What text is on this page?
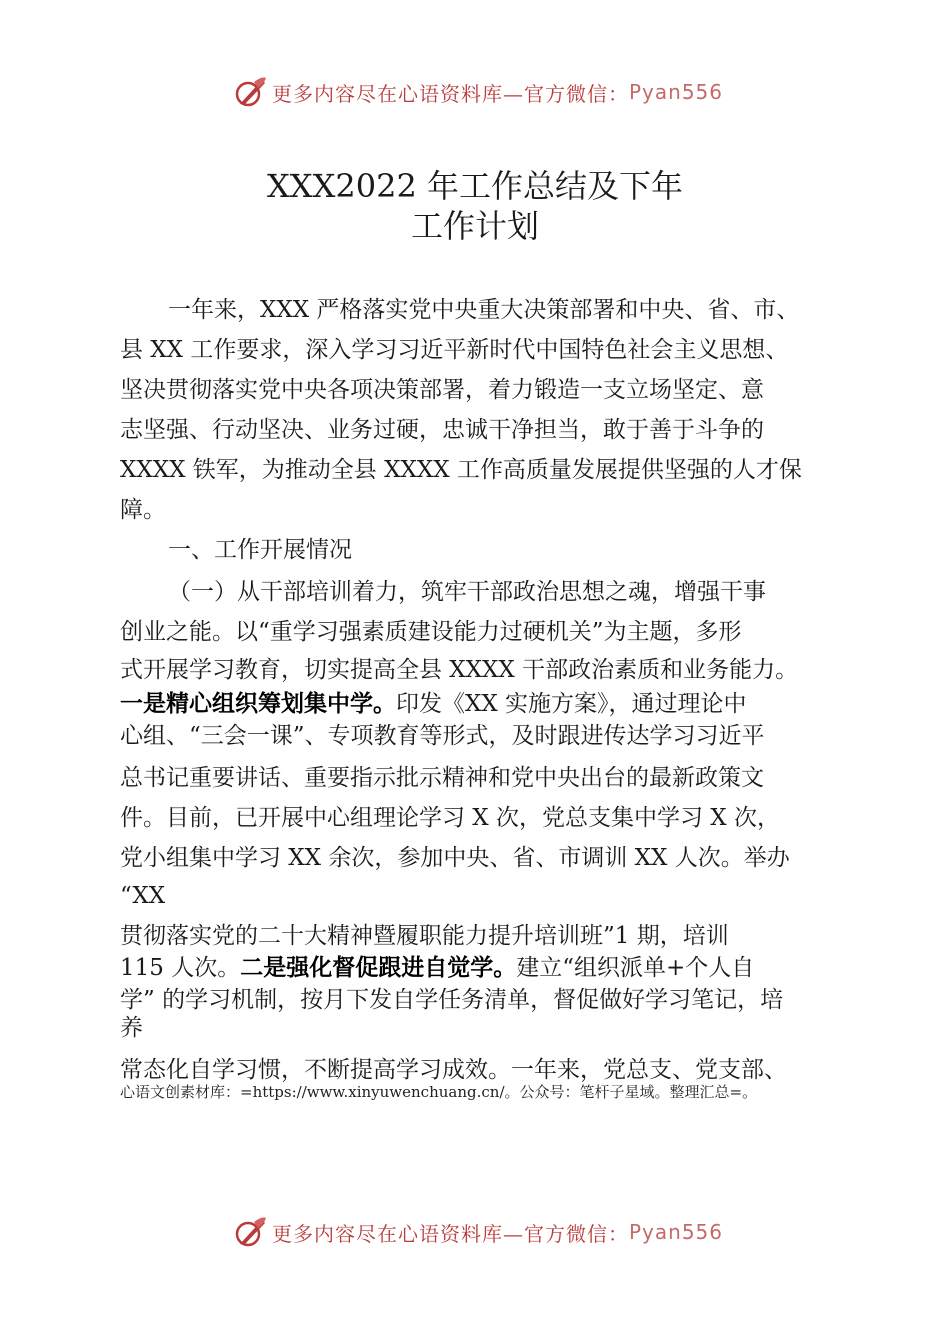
更多内容尽在心语资料库—官方微信： Pyan556
XXX2022 年工作总结及下年
工作计划
一年来，XXX 严格落实党中央重大决策部署和中央、省、市、
县 XX 工作要求，深入学习习近平新时代中国特色社会主义思想、
坚决贯彻落实党中央各项决策部署，着力锻造一支立场坚定、意
志坚强、行动坚决、业务过硬，忠诚干净担当，敢于善于斗争的
XXXX 铁军，为推动全县 XXXX 工作高质量发展提供坚强的人才保
障。
一、工作开展情况
（一）从干部培训着力，筑牢干部政治思想之魂，增强干事
创业之能。以“重学习强素质建设能力过硬机关”为主题，多形
式开展学习教育，切实提高全县 XXXX 干部政治素质和业务能力。
一是精心组织筹划集中学。印发《XX 实施方案》，通过理论中
心组、“三会一课”、专项教育等形式，及时跟进传达学习习近平
总书记重要讲话、重要指示批示精神和党中央出台的最新政策文
件。目前，已开展中心组理论学习 X 次，党总支集中学习 X 次，
党小组集中学习 XX 余次，参加中央、省、市调训 XX 人次。举办
“XX
贯彻落实党的二十大精神暨履职能力提升培训班”1 期，培训
115 人次。二是强化督促跟进自觉学。建立“组织派单+个人自
学” 的学习机制，按月下发自学任务清单，督促做好学习笔记，培
养
常态化自学习惯，不断提高学习成效。一年来，党总支、党支部、
心语文创素材库：=https://www.xinyuwenchuang.cn/。公众号：笔杆子星域。整理汇总=。
更多内容尽在心语资料库—官方微信： Pyan556
